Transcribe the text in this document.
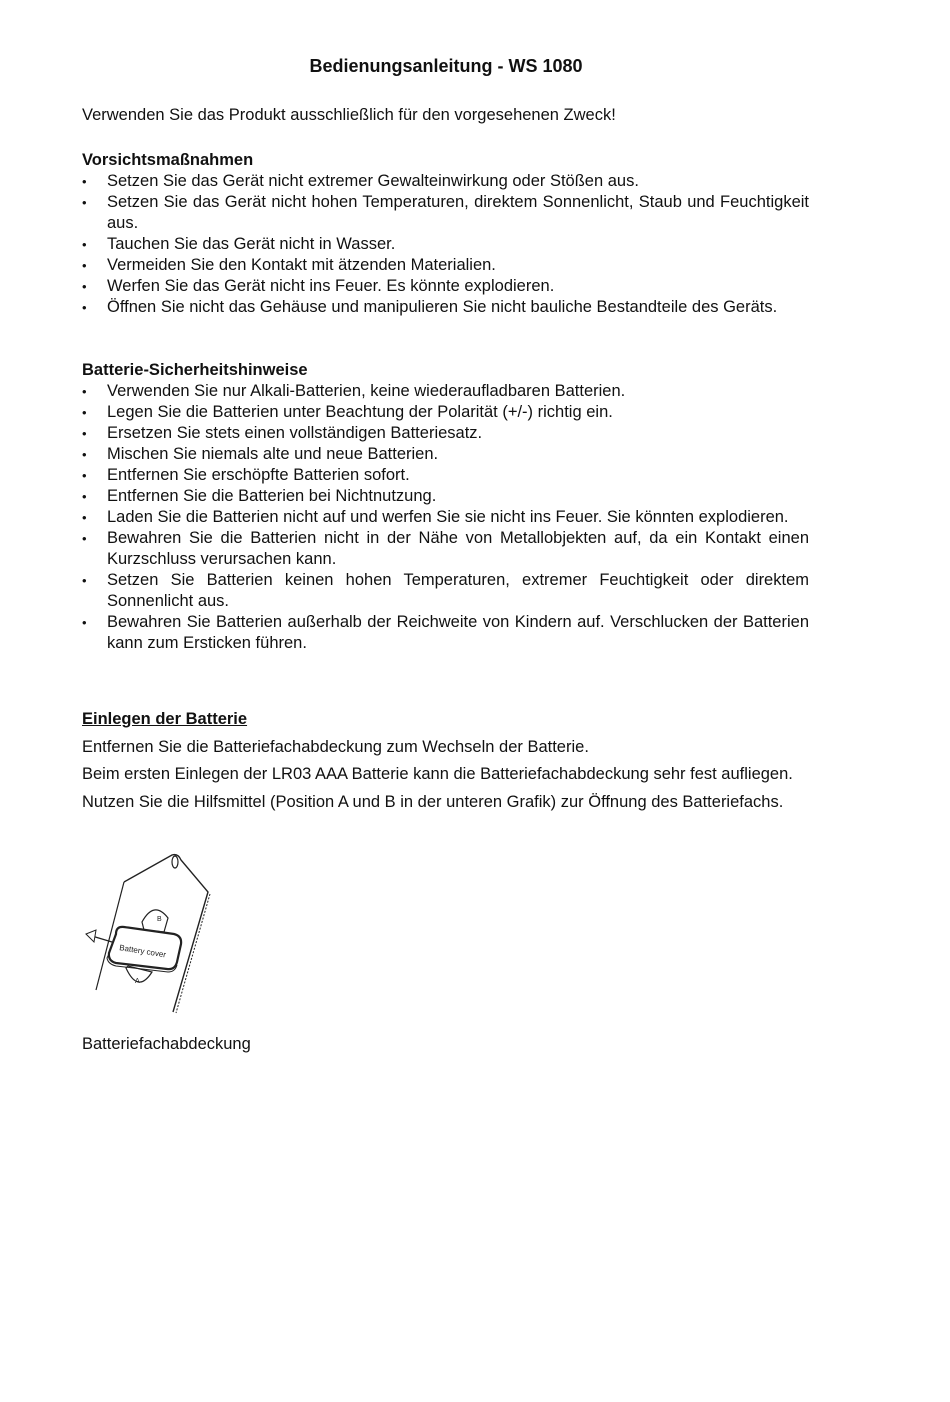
Bedienungsanleitung - WS 1080
Verwenden Sie das Produkt ausschließlich für den vorgesehenen Zweck!
Vorsichtsmaßnahmen
• Setzen Sie das Gerät nicht extremer Gewalteinwirkung oder Stößen aus.
• Setzen Sie das Gerät nicht hohen Temperaturen, direktem Sonnenlicht, Staub und Feuchtigkeit aus.
• Tauchen Sie das Gerät nicht in Wasser.
• Vermeiden Sie den Kontakt mit ätzenden Materialien.
• Werfen Sie das Gerät nicht ins Feuer. Es könnte explodieren.
• Öffnen Sie nicht das Gehäuse und manipulieren Sie nicht bauliche Bestandteile des Geräts.
Batterie-Sicherheitshinweise
• Verwenden Sie nur Alkali-Batterien, keine wiederaufladbaren Batterien.
• Legen Sie die Batterien unter Beachtung der Polarität (+/-) richtig ein.
• Ersetzen Sie stets einen vollständigen Batteriesatz.
• Mischen Sie niemals alte und neue Batterien.
• Entfernen Sie erschöpfte Batterien sofort.
• Entfernen Sie die Batterien bei Nichtnutzung.
• Laden Sie die Batterien nicht auf und werfen Sie sie nicht ins Feuer. Sie könnten explodieren.
• Bewahren Sie die Batterien nicht in der Nähe von Metallobjekten auf, da ein Kontakt einen Kurzschluss verursachen kann.
• Setzen Sie Batterien keinen hohen Temperaturen, extremer Feuchtigkeit oder direktem Sonnenlicht aus.
• Bewahren Sie Batterien außerhalb der Reichweite von Kindern auf. Verschlucken der Batterien kann zum Ersticken führen.
Einlegen der Batterie
Entfernen Sie die Batteriefachabdeckung zum Wechseln der Batterie.
Beim ersten Einlegen der LR03 AAA Batterie kann die Batteriefachabdeckung sehr fest aufliegen. Nutzen Sie die Hilfsmittel (Position A und B in der unteren Grafik) zur Öffnung des Batteriefachs.
B
A
Battery cover
Batteriefachabdeckung
